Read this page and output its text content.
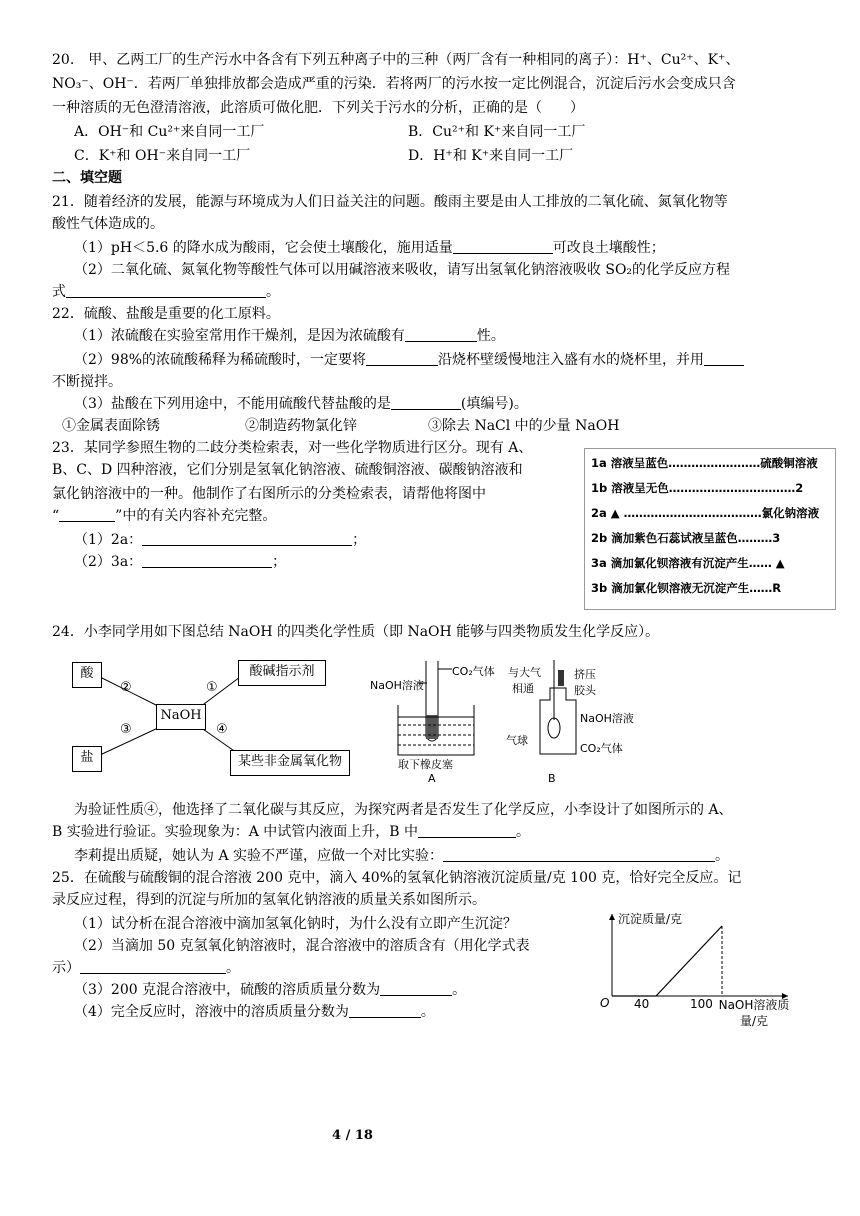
20.　甲、乙两工厂的生产污水中各含有下列五种离子中的三种（两厂含有一种相同的离子）：H⁺、Cu²⁺、K⁺、
NO₃⁻、OH⁻．若两厂单独排放都会造成严重的污染．若将两厂的污水按一定比例混合，沉淀后污水会变成只含
一种溶质的无色澄清溶液，此溶质可做化肥．下列关于污水的分析，正确的是（　　）
A．OH⁻和 Cu²⁺来自同一工厂	B．Cu²⁺和 K⁺来自同一工厂
C．K⁺和 OH⁻来自同一工厂	D．H⁺和 K⁺来自同一工厂
二、填空题
21．随着经济的发展，能源与环境成为人们日益关注的问题。酸雨主要是由人工排放的二氧化硫、氮氧化物等
酸性气体造成的。
（1）pH＜5.6 的降水成为酸雨，它会使土壤酸化，施用适量	可改良土壤酸性；
（2）二氧化硫、氮氧化物等酸性气体可以用碱溶液来吸收，请写出氢氧化钠溶液吸收 SO₂的化学反应方程
式	。
22．硫酸、盐酸是重要的化工原料。
（1）浓硫酸在实验室常用作干燥剂，是因为浓硫酸有	性。
（2）98%的浓硫酸稀释为稀硫酸时，一定要将	沿烧杯壁缓慢地注入盛有水的烧杯里，并用
不断搅拌。
（3）盐酸在下列用途中，不能用硫酸代替盐酸的是	(填编号)。
①金属表面除锈	②制造药物氯化锌	③除去 NaCl 中的少量 NaOH
23．某同学参照生物的二歧分类检索表，对一些化学物质进行区分。现有 A、
B、C、D 四种溶液，它们分别是氢氧化钠溶液、硫酸铜溶液、碳酸钠溶液和
氯化钠溶液中的一种。他制作了右图所示的分类检索表，请帮他将图中
“	”中的有关内容补充完整。
（1）2a：	；
（2）3a：	；
1a 溶液呈蓝色……………………硫酸铜溶液
1b 溶液呈无色……………………………2
2a ▲ ………………………………氯化钠溶液
2b 滴加紫色石蕊试液呈蓝色………3
3a 滴加氯化钡溶液有沉淀产生…… ▲
3b 滴加氯化钡溶液无沉淀产生……R
24．小李同学用如下图总结 NaOH 的四类化学性质（即 NaOH 能够与四类物质发生化学反应）。
酸	酸碱指示剂
NaOH
盐	某些非金属氧化物
②	①
③	④
CO₂气体
NaOH溶液
取下橡皮塞
A
与大气
相通
挤压
胶头
NaOH溶液
气球
CO₂气体
B
为验证性质④，他选择了二氧化碳与其反应，为探究两者是否发生了化学反应，小李设计了如图所示的 A、
B 实验进行验证。实验现象为：A 中试管内液面上升，B 中	。
李莉提出质疑，她认为 A 实验不严谨，应做一个对比实验：	。
25．在硫酸与硫酸铜的混合溶液 200 克中，滴入 40%的氢氧化钠溶液沉淀质量/克 100 克，恰好完全反应。记
录反应过程，得到的沉淀与所加的氢氧化钠溶液的质量关系如图所示。
（1）试分析在混合溶液中滴加氢氧化钠时，为什么没有立即产生沉淀？
（2）当滴加 50 克氢氧化钠溶液时，混合溶液中的溶质含有（用化学式表
示）	。
（3）200 克混合溶液中，硫酸的溶质质量分数为	。
（4）完全反应时，溶液中的溶质质量分数为	。
沉淀质量/克
O 40	100 NaOH溶液质量/克
4 / 18
